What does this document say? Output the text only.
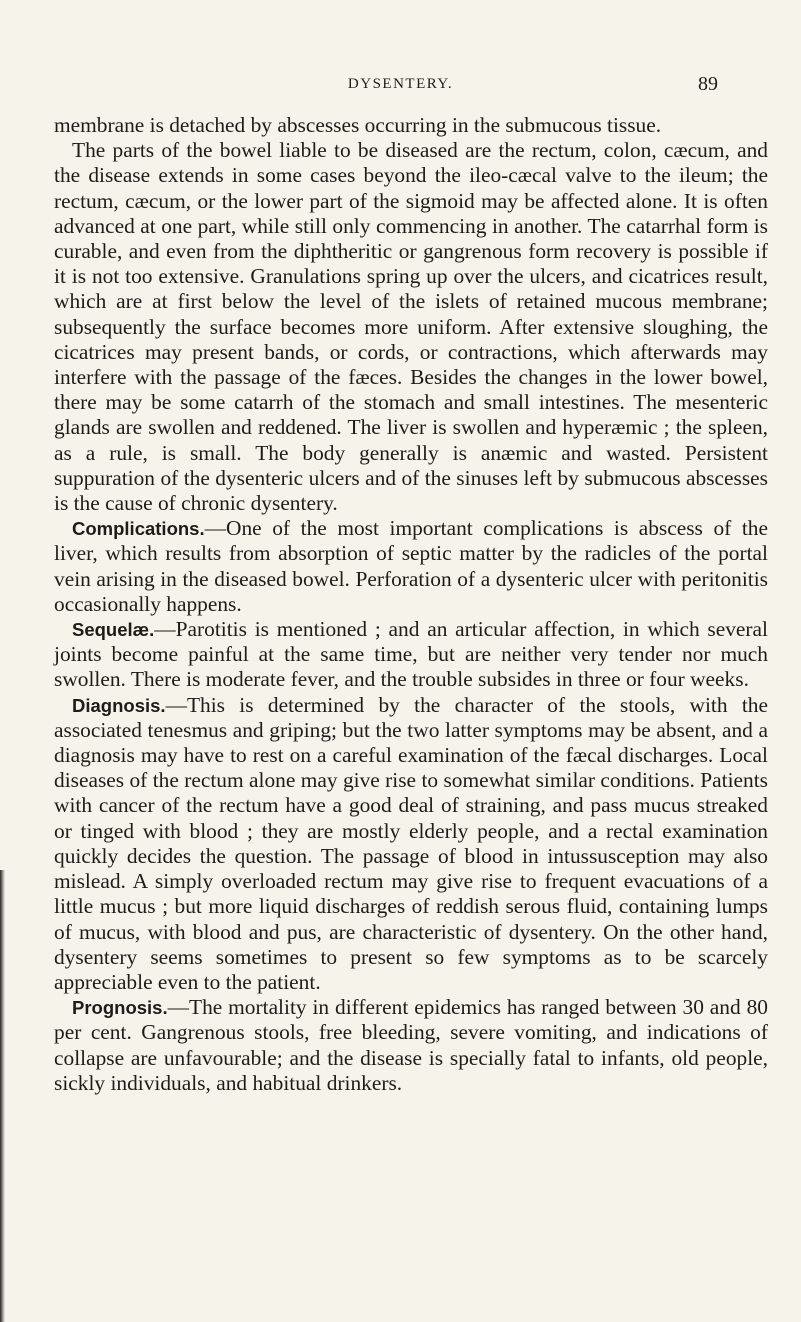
DYSENTERY.	89

membrane is detached by abscesses occurring in the submucous tissue.

The parts of the bowel liable to be diseased are the rectum, colon, cæcum, and the disease extends in some cases beyond the ileo-cæcal valve to the ileum; the rectum, cæcum, or the lower part of the sigmoid may be affected alone. It is often advanced at one part, while still only commencing in another. The catarrhal form is curable, and even from the diphtheritic or gangrenous form recovery is possible if it is not too extensive. Granulations spring up over the ulcers, and cicatrices result, which are at first below the level of the islets of retained mucous membrane; subsequently the surface becomes more uniform. After extensive sloughing, the cicatrices may present bands, or cords, or contractions, which afterwards may interfere with the passage of the fæces. Besides the changes in the lower bowel, there may be some catarrh of the stomach and small intestines. The mesenteric glands are swollen and reddened. The liver is swollen and hyperæmic ; the spleen, as a rule, is small. The body generally is anæmic and wasted. Persistent suppuration of the dysenteric ulcers and of the sinuses left by submucous abscesses is the cause of chronic dysentery.

Complications.—One of the most important complications is abscess of the liver, which results from absorption of septic matter by the radicles of the portal vein arising in the diseased bowel. Perforation of a dysenteric ulcer with peritonitis occasionally happens.

Sequelæ.—Parotitis is mentioned ; and an articular affection, in which several joints become painful at the same time, but are neither very tender nor much swollen. There is moderate fever, and the trouble subsides in three or four weeks.

Diagnosis.—This is determined by the character of the stools, with the associated tenesmus and griping; but the two latter symptoms may be absent, and a diagnosis may have to rest on a careful examination of the fæcal discharges. Local diseases of the rectum alone may give rise to somewhat similar conditions. Patients with cancer of the rectum have a good deal of straining, and pass mucus streaked or tinged with blood ; they are mostly elderly people, and a rectal examination quickly decides the question. The passage of blood in intussusception may also mislead. A simply overloaded rectum may give rise to frequent evacuations of a little mucus ; but more liquid discharges of reddish serous fluid, containing lumps of mucus, with blood and pus, are characteristic of dysentery. On the other hand, dysentery seems sometimes to present so few symptoms as to be scarcely appreciable even to the patient.

Prognosis.—The mortality in different epidemics has ranged between 30 and 80 per cent. Gangrenous stools, free bleeding, severe vomiting, and indications of collapse are unfavourable; and the disease is specially fatal to infants, old people, sickly individuals, and habitual drinkers.
